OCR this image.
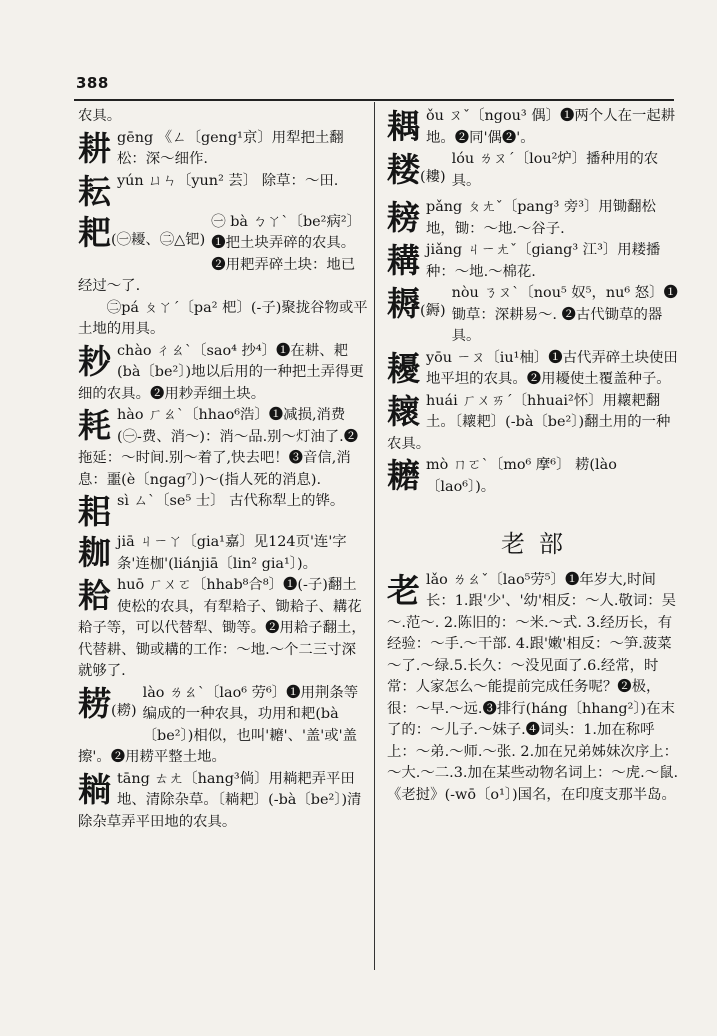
388

农具。

耕 gēng 《ㄥ〔geng¹京〕用犁把土翻松：深～细作.
耘 yún ㄩㄣ〔yun² 芸〕 除草：～田.
耙(㊀耰、㊁△钯)
㊀ bà ㄅㄚˋ〔be²病²〕❶把土块弄碎的农具。❷用耙弄碎土块：地已经过～了.

㊁pá ㄆㄚˊ〔pa² 杷〕(-子)聚拢谷物或平土地的用具。

耖 chào ㄔㄠˋ〔sao⁴ 抄⁴〕❶在耕、耙(bà〔be²〕)地以后用的一种把土弄得更细的农具。❷用耖弄细土块。
耗 hào ㄏㄠˋ〔hhao⁶浩〕❶减损,消费(㊀-费、消～)：消～品.别～灯油了.❷拖延：～时间.别～着了,快去吧！❸音信,消息：噩(è〔ngag⁷〕)～(指人死的消息).
耜 sì ㄙˋ〔se⁵ 士〕 古代称犁上的铧。
耞 jiā ㄐㄧㄚ〔gia¹嘉〕见124页'连'字条'连枷'(liánjiā〔lin² gia¹〕)。
耠 huō ㄏㄨㄛ〔hhab⁸合⁸〕❶(-子)翻土使松的农具，有犁耠子、锄耠子、耩花耠子等，可以代替犁、锄等。❷用耠子翻土，代替耕、锄或耩的工作：～地.～个二三寸深就够了.
耢(耮)
lào ㄌㄠˋ〔lao⁶ 劳⁶〕❶用荆条等编成的一种农具，功用和耙(bà〔be²〕)相似，也叫'耱'、'盖'或'盖擦'。❷用耢平整土地。
耥 tāng ㄊㄤ〔hang³倘〕用耥耙弄平田地、清除杂草。〔耥耙〕(-bà〔be²〕)清除杂草弄平田地的农具。
耦 ǒu ㄡˇ〔ngou³ 偶〕❶两个人在一起耕地。❷同'偶❷'。
耧(耬)
lóu ㄌㄡˊ〔lou²炉〕播种用的农具。
耪 pǎng ㄆㄤˇ〔pang³ 旁³〕用锄翻松地，锄：～地.～谷子.
耩 jiǎng ㄐㄧㄤˇ〔giang³ 江³〕用耧播种：～地.～棉花.
耨(鎒)
nòu ㄋㄡˋ〔nou⁵ 奴⁵，nu⁶ 怒〕❶锄草：深耕易～. ❷古代锄草的器具。
耰 yōu ㄧㄡ〔iu¹柚〕❶古代弄碎土块使田地平坦的农具。❷用耰使土覆盖种子。
耲 huái ㄏㄨㄞˊ〔hhuai²怀〕用耲耙翻土。〔耲耙〕(-bà〔be²〕)翻土用的一种农具。
耱 mò ㄇㄛˋ〔mo⁶ 摩⁶〕 耢(lào〔lao⁶〕)。
老部
老 lǎo ㄌㄠˇ〔lao⁵劳⁵〕❶年岁大,时间长：1.跟'少'、'幼'相反：～人.敬词：吴～.范～. 2.陈旧的：～米.～式. 3.经历长，有经验：～手.～干部. 4.跟'嫩'相反：～笋.菠菜～了.～绿.5.长久：～没见面了.6.经常，时常：人家怎么～能提前完成任务呢？❷极，很：～早.～远.❸排行(háng〔hhang²〕)在末了的：～儿子.～妹子.❹词头：1.加在称呼上：～弟.～师.～张. 2.加在兄弟姊妹次序上：～大.～二.3.加在某些动物名词上：～虎.～鼠.

《老挝》(-wō〔o¹〕)国名，在印度支那半岛。
